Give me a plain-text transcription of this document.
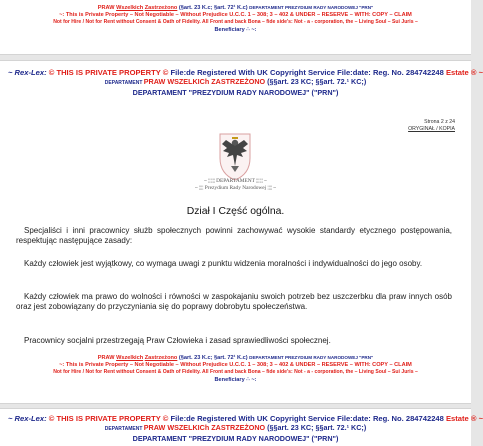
PRAW Wszelkich Zastrzeżono (§art. 23 K.c; §art. 72¹ K.c) DEPARTAMENT PREZYDIUM RADY NARODOWEJ "PRN"
~: This is Private Property – Not Negotiable – Without Prejudice U.C.C. 1 – 308; 3 – 402 & UNDER – RESERVE – WITH: COPY – CLAIM
Not for Hire / Not for Rent without Consent & Oath of Fidelity. All Front and back Bona – fide side's: Not - a - corporation, the – Living Soul – Sui Juris –
Beneficiary ∴ ~:
~ Rex-Lex: © THIS IS PRIVATE PROPERTY © File:de Registered With UK Copyright Service File:date: Reg. No. 284742248 Estate ® ~
DEPARTAMENT PRAW WSZELKICh ZASTRZEŻONO (§§art. 23 KC; §§art. 72.¹ KC;)
DEPARTAMENT "PREZYDIUM RADY NARODOWEJ" ("PRN")
Strona 2 z 24
ORYGINAŁ / KOPIA
~ ¦¦¦¦¦¦ DEPARTAMENT ¦¦¦¦¦¦ ~
~ ¦¦¦¦ Prezydium Rady Narodowej ¦¦¦¦ ~
Dział I Część ogólna.
Specjaliści i inni pracownicy służb społecznych powinni zachowywać wysokie standardy etycznego postępowania, respektując następujące zasady:
Każdy człowiek jest wyjątkowy, co wymaga uwagi z punktu widzenia moralności i indywidualności do jego osoby.
Każdy człowiek ma prawo do wolności i równości w zaspokajaniu swoich potrzeb bez uszczerbku dla praw innych osób oraz jest zobowiązany do przyczyniania się do poprawy dobrobytu społeczeństwa.
Pracownicy socjalni przestrzegają Praw Człowieka i zasad sprawiedliwości społecznej.
PRAW Wszelkich Zastrzeżono (§art. 23 K.c; §art. 72¹ K.c) DEPARTAMENT PREZYDIUM RADY NARODOWEJ "PRN"
~: This is Private Property – Not Negotiable – Without Prejudice U.C.C. 1 – 308; 3 – 402 & UNDER – RESERVE – WITH: COPY – CLAIM
Not for Hire / Not for Rent without Consent & Oath of Fidelity. All Front and back Bona – fide side's: Not - a - corporation, the – Living Soul – Sui Juris –
Beneficiary ∴ ~:
~ Rex-Lex: © THIS IS PRIVATE PROPERTY © File:de Registered With UK Copyright Service File:date: Reg. No. 284742248 Estate ® ~
DEPARTAMENT PRAW WSZELKICh ZASTRZEŻONO (§§art. 23 KC; §§art. 72.¹ KC;)
DEPARTAMENT "PREZYDIUM RADY NARODOWEJ" ("PRN")
